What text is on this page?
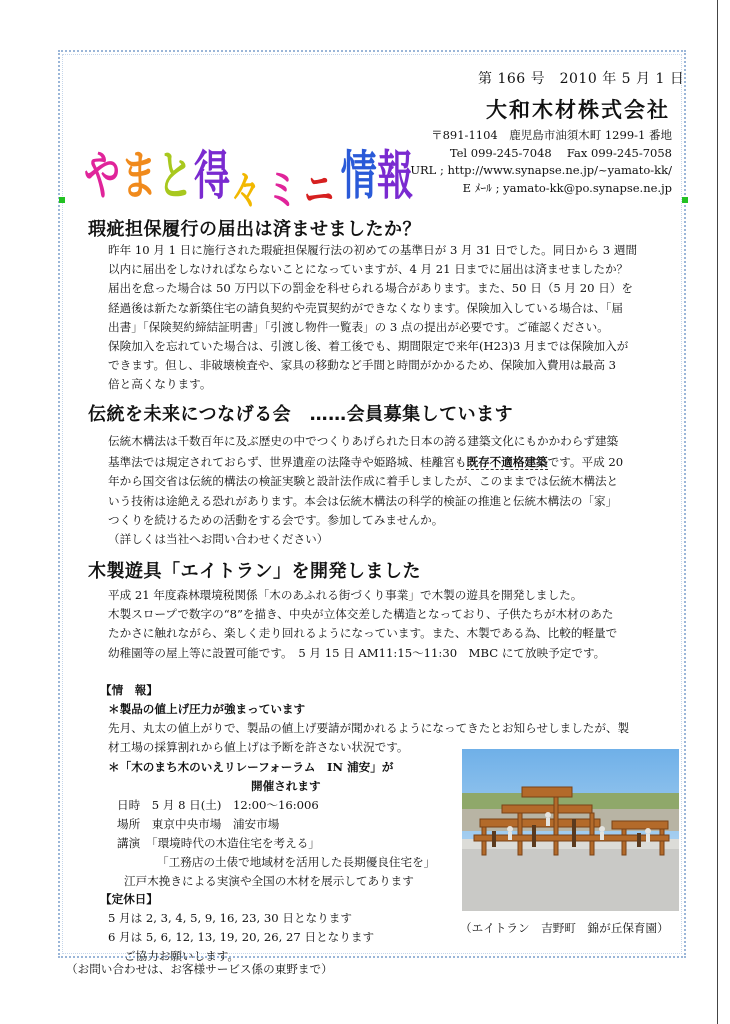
や ま と 得 々 ミ ニ 情 報
第 166 号　2010 年 5 月 1 日
大和木材株式会社
〒891-1104　鹿児島市油須木町 1299-1 番地
Tel 099-245-7048　 Fax 099-245-7058
URL ; http://www.synapse.ne.jp/~yamato-kk/
E ﾒｰﾙ ; yamato-kk@po.synapse.ne.jp
瑕疵担保履行の届出は済ませましたか？
昨年 10 月 1 日に施行された瑕疵担保履行法の初めての基準日が 3 月 31 日でした。同日から 3 週間
以内に届出をしなければならないことになっていますが、4 月 21 日までに届出は済ませましたか？
届出を怠った場合は 50 万円以下の罰金を科せられる場合があります。また、50 日（5 月 20 日）を
経過後は新たな新築住宅の請負契約や売買契約ができなくなります。保険加入している場合は、「届
出書」「保険契約締結証明書」「引渡し物件一覧表」の 3 点の提出が必要です。ご確認ください。
保険加入を忘れていた場合は、引渡し後、着工後でも、期間限定で来年(H23)3 月までは保険加入が
できます。但し、非破壊検査や、家具の移動など手間と時間がかかるため、保険加入費用は最高 3
倍と高くなります。
伝統を未来につなげる会　……会員募集しています
伝統木構法は千数百年に及ぶ歴史の中でつくりあげられた日本の誇る建築文化にもかかわらず建築
基準法では規定されておらず、世界遺産の法隆寺や姫路城、桂離宮も既存不適格建築です。平成 20
年から国交省は伝統的構法の検証実験と設計法作成に着手しましたが、このままでは伝統木構法と
いう技術は途絶える恐れがあります。本会は伝統木構法の科学的検証の推進と伝統木構法の「家」
つくりを続けるための活動をする会です。参加してみませんか。
（詳しくは当社へお問い合わせください）
木製遊具「エイトラン」を開発しました
平成 21 年度森林環境税関係「木のあふれる街づくり事業」で木製の遊具を開発しました。
木製スロープで数字の“8”を描き、中央が立体交差した構造となっており、子供たちが木材のあた
たかさに触れながら、楽しく走り回れるようになっています。また、木製である為、比較的軽量で
幼稚園等の屋上等に設置可能です。　5 月 15 日 AM11:15～11:30　MBC にて放映予定です。
【情　報】
＊製品の値上げ圧力が強まっています
先月、丸太の値上がりで、製品の値上げ要請が聞かれるようになってきたとお知らせしましたが、製
材工場の採算割れから値上げは予断を許さない状況です。
＊「木のまち木のいえリレーフォーラム　IN 浦安」が
開催されます
日時　5 月 8 日(土)　12:00～16:006
場所　東京中央市場　浦安市場
講演　「環境時代の木造住宅を考える」
「工務店の土俵で地域材を活用した長期優良住宅を」
江戸木挽きによる実演や全国の木材を展示してあります
【定休日】
5 月は 2, 3, 4, 5, 9, 16, 23, 30 日となります
6 月は 5, 6, 12, 13, 19, 20, 26, 27 日となります
ご協力お願いします。
（エイトラン　吉野町　錦が丘保育園）
（お問い合わせは、お客様サービス係の東野まで）
